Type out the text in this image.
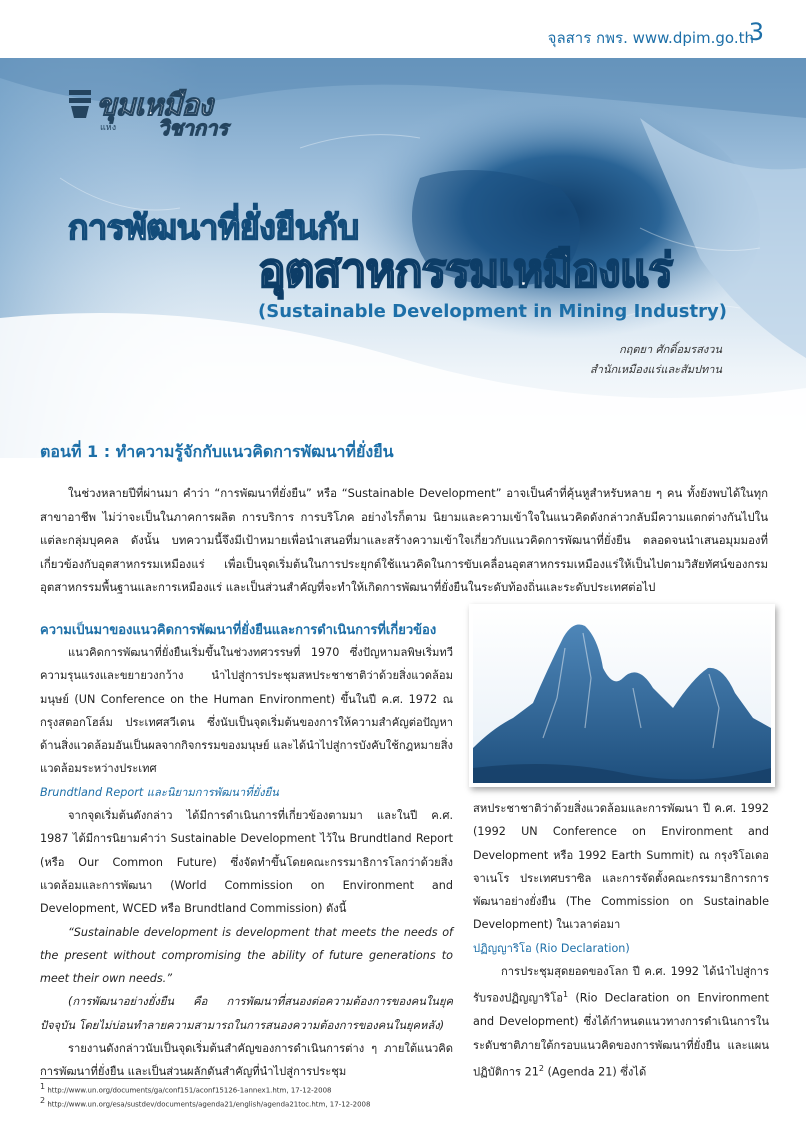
จุลสาร กพร. www.dpim.go.th
3
ขุมเหมือง
แห่ง วิชาการ
การพัฒนาที่ยั่งยืนกับ
อุตสาหกรรมเหมืองแร่
(Sustainable Development in Mining Industry)
กฤตยา ศักดิ์อมรสงวน
สำนักเหมืองแร่และสัมปทาน
ตอนที่ 1 : ทำความรู้จักกับแนวคิดการพัฒนาที่ยั่งยืน
ในช่วงหลายปีที่ผ่านมา คำว่า “การพัฒนาที่ยั่งยืน” หรือ “Sustainable Development” อาจเป็นคำที่คุ้นหูสำหรับหลาย ๆ คน ทั้งยังพบได้ในทุกสาขาอาชีพ ไม่ว่าจะเป็นในภาคการผลิต การบริการ การบริโภค อย่างไรก็ตาม นิยามและความเข้าใจในแนวคิดดังกล่าวกลับมีความแตกต่างกันไปในแต่ละกลุ่มบุคคล ดังนั้น บทความนี้จึงมีเป้าหมายเพื่อนำเสนอที่มาและสร้างความเข้าใจเกี่ยวกับแนวคิดการพัฒนาที่ยั่งยืน ตลอดจนนำเสนอมุมมองที่เกี่ยวข้องกับอุตสาหกรรมเหมืองแร่ เพื่อเป็นจุดเริ่มต้นในการประยุกต์ใช้แนวคิดในการขับเคลื่อนอุตสาหกรรมเหมืองแร่ให้เป็นไปตามวิสัยทัศน์ของกรมอุตสาหกรรมพื้นฐานและการเหมืองแร่ และเป็นส่วนสำคัญที่จะทำให้เกิดการพัฒนาที่ยั่งยืนในระดับท้องถิ่นและระดับประเทศต่อไป
ความเป็นมาของแนวคิดการพัฒนาที่ยั่งยืนและการดำเนินการที่เกี่ยวข้อง

แนวคิดการพัฒนาที่ยั่งยืนเริ่มขึ้นในช่วงทศวรรษที่ 1970 ซึ่งปัญหามลพิษเริ่มทวีความรุนแรงและขยายวงกว้าง นำไปสู่การประชุมสหประชาชาติว่าด้วยสิ่งแวดล้อมมนุษย์ (UN Conference on the Human Environment) ขึ้นในปี ค.ศ. 1972 ณ กรุงสตอกโฮล์ม ประเทศสวีเดน ซึ่งนับเป็นจุดเริ่มต้นของการให้ความสำคัญต่อปัญหาด้านสิ่งแวดล้อมอันเป็นผลจากกิจกรรมของมนุษย์ และได้นำไปสู่การบังคับใช้กฎหมายสิ่งแวดล้อมระหว่างประเทศ

Brundtland Report และนิยามการพัฒนาที่ยั่งยืน

จากจุดเริ่มต้นดังกล่าว ได้มีการดำเนินการที่เกี่ยวข้องตามมา และในปี ค.ศ. 1987 ได้มีการนิยามคำว่า Sustainable Development ไว้ใน Brundtland Report (หรือ Our Common Future) ซึ่งจัดทำขึ้นโดยคณะกรรมาธิการโลกว่าด้วยสิ่งแวดล้อมและการพัฒนา (World Commission on Environment and Development, WCED หรือ Brundtland Commission) ดังนี้

“Sustainable development is development that meets the needs of the present without compromising the ability of future generations to meet their own needs.”

(การพัฒนาอย่างยั่งยืน คือ การพัฒนาที่สนองต่อความต้องการของคนในยุคปัจจุบัน โดยไม่บ่อนทำลายความสามารถในการสนองความต้องการของคนในยุคหลัง)

รายงานดังกล่าวนับเป็นจุดเริ่มต้นสำคัญของการดำเนินการต่าง ๆ ภายใต้แนวคิดการพัฒนาที่ยั่งยืน และเป็นส่วนผลักดันสำคัญที่นำไปสู่การประชุม

สหประชาชาติว่าด้วยสิ่งแวดล้อมและการพัฒนา ปี ค.ศ. 1992 (1992 UN Conference on Environment and Development หรือ 1992 Earth Summit) ณ กรุงริโอเดอ จาเนโร ประเทศบราซิล และการจัดตั้งคณะกรรมาธิการการพัฒนาอย่างยั่งยืน (The Commission on Sustainable Development) ในเวลาต่อมา

ปฏิญญาริโอ (Rio Declaration)

การประชุมสุดยอดของโลก ปี ค.ศ. 1992 ได้นำไปสู่การรับรองปฏิญญาริโอ$^1$ (Rio Declaration on Environment and Development) ซึ่งได้กำหนดแนวทางการดำเนินการในระดับชาติภายใต้กรอบแนวคิดของการพัฒนาที่ยั่งยืน และแผนปฏิบัติการ $21^2$ (Agenda 21) ซึ่งได้

$^1$ http://www.un.org/documents/ga/conf151/aconf15126-1annex1.htm, 17-12-2008
$^2$ http://www.un.org/esa/sustdev/documents/agenda21/english/agenda21toc.htm, 17-12-2008
